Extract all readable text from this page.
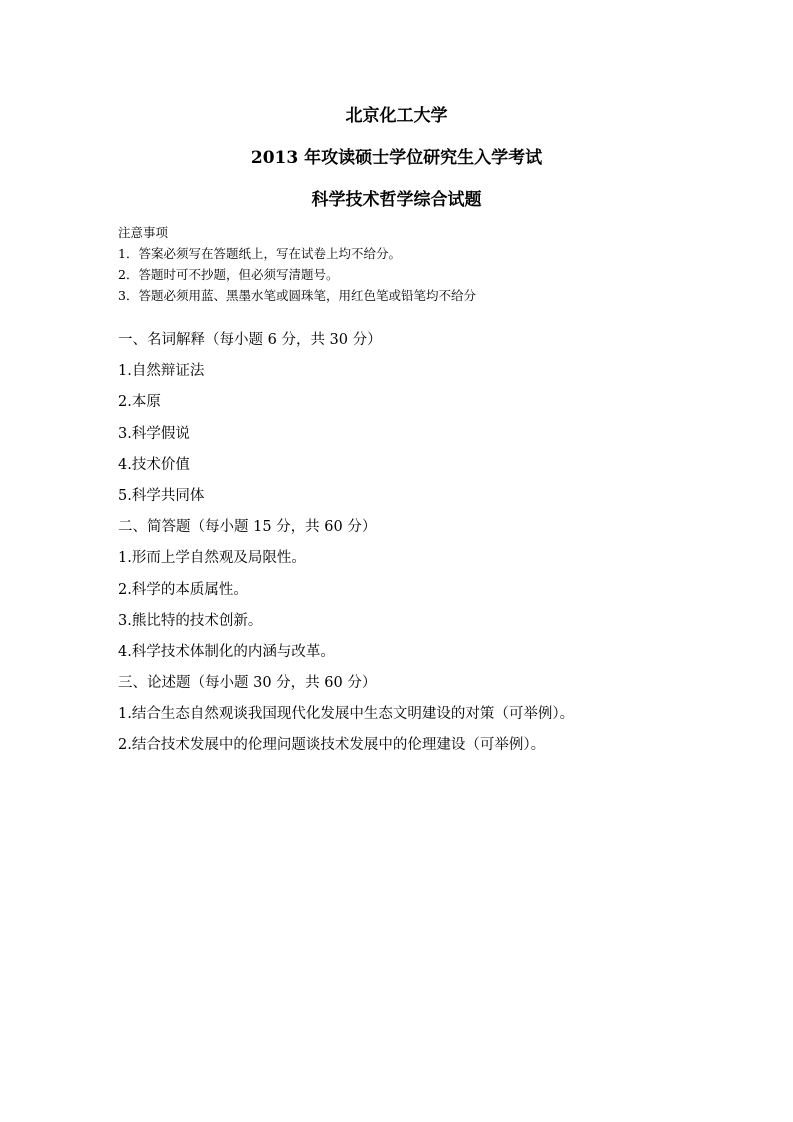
北京化工大学
2013 年攻读硕士学位研究生入学考试
科学技术哲学综合试题
注意事项
1．答案必须写在答题纸上，写在试卷上均不给分。
2．答题时可不抄题，但必须写清题号。
3．答题必须用蓝、黑墨水笔或圆珠笔，用红色笔或铅笔均不给分
一、名词解释（每小题 6 分，共 30 分）
1.自然辩证法
2.本原
3.科学假说
4.技术价值
5.科学共同体
二、简答题（每小题 15 分，共 60 分）
1.形而上学自然观及局限性。
2.科学的本质属性。
3.熊比特的技术创新。
4.科学技术体制化的内涵与改革。
三、论述题（每小题 30 分，共 60 分）
1.结合生态自然观谈我国现代化发展中生态文明建设的对策（可举例）。
2.结合技术发展中的伦理问题谈技术发展中的伦理建设（可举例）。
